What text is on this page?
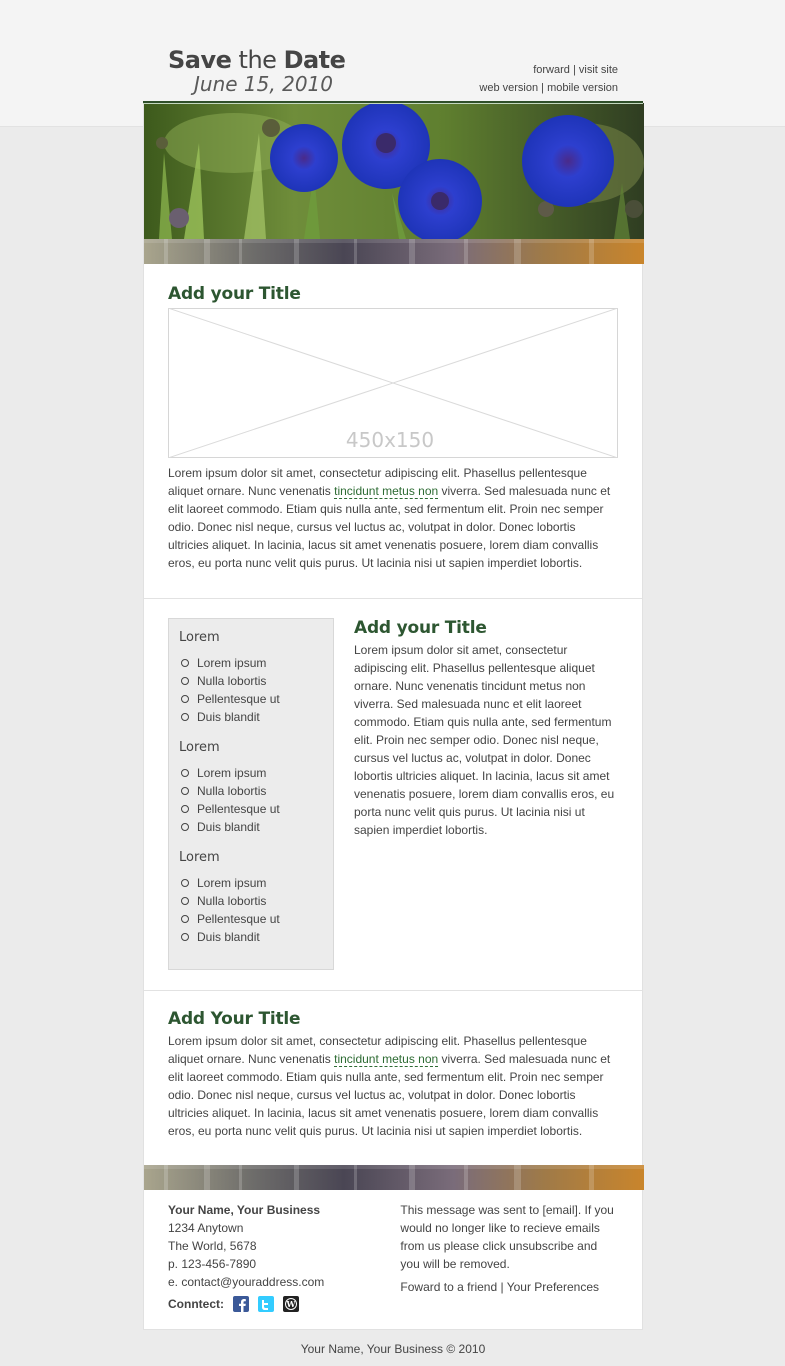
Save the Date
June 15, 2010
forward | visit site
web version | mobile version
Add your Title
450x150

Lorem ipsum dolor sit amet, consectetur adipiscing elit. Phasellus pellentesque aliquet ornare. Nunc venenatis tincidunt metus non viverra. Sed malesuada nunc et elit laoreet commodo. Etiam quis nulla ante, sed fermentum elit. Proin nec semper odio. Donec nisl neque, cursus vel luctus ac, volutpat in dolor. Donec lobortis ultricies aliquet. In lacinia, lacus sit amet venenatis posuere, lorem diam convallis eros, eu porta nunc velit quis purus. Ut lacinia nisi ut sapien imperdiet lobortis.

Lorem
Lorem ipsum
Nulla lobortis
Pellentesque ut
Duis blandit
Lorem
Lorem ipsum
Nulla lobortis
Pellentesque ut
Duis blandit
Lorem
Lorem ipsum
Nulla lobortis
Pellentesque ut
Duis blandit
Add your Title

Lorem ipsum dolor sit amet, consectetur adipiscing elit. Phasellus pellentesque aliquet ornare. Nunc venenatis tincidunt metus non viverra. Sed malesuada nunc et elit laoreet commodo. Etiam quis nulla ante, sed fermentum elit. Proin nec semper odio. Donec nisl neque, cursus vel luctus ac, volutpat in dolor. Donec lobortis ultricies aliquet. In lacinia, lacus sit amet venenatis posuere, lorem diam convallis eros, eu porta nunc velit quis purus. Ut lacinia nisi ut sapien imperdiet lobortis.

Add Your Title

Lorem ipsum dolor sit amet, consectetur adipiscing elit. Phasellus pellentesque aliquet ornare. Nunc venenatis tincidunt metus non viverra. Sed malesuada nunc et elit laoreet commodo. Etiam quis nulla ante, sed fermentum elit. Proin nec semper odio. Donec nisl neque, cursus vel luctus ac, volutpat in dolor. Donec lobortis ultricies aliquet. In lacinia, lacus sit amet venenatis posuere, lorem diam convallis eros, eu porta nunc velit quis purus. Ut lacinia nisi ut sapien imperdiet lobortis.

Your Name, Your Business
1234 Anytown
The World, 5678
p. 123-456-7890
e. contact@youraddress.com
Conntect:	W

This message was sent to [email]. If you would no longer like to recieve emails from us please click unsubscribe and you will be removed.

Foward to a friend | Your Preferences

Your Name, Your Business © 2010
